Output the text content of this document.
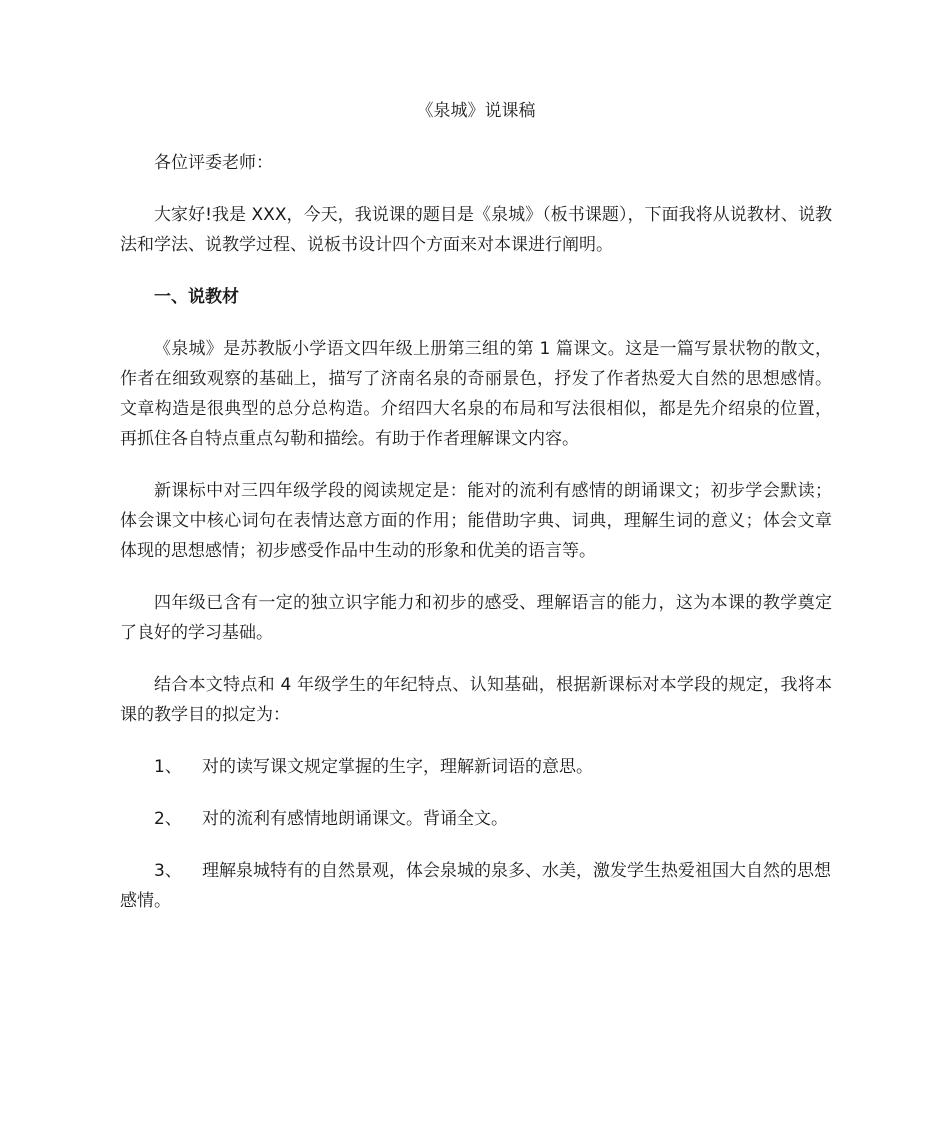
《泉城》说课稿

各位评委老师：

大家好!我是 XXX，今天，我说课的题目是《泉城》（板书课题），下面我将从说教材、说教法和学法、说教学过程、说板书设计四个方面来对本课进行阐明。

一、说教材

《泉城》是苏教版小学语文四年级上册第三组的第 1 篇课文。这是一篇写景状物的散文，作者在细致观察的基础上，描写了济南名泉的奇丽景色，抒发了作者热爱大自然的思想感情。文章构造是很典型的总分总构造。介绍四大名泉的布局和写法很相似，都是先介绍泉的位置，再抓住各自特点重点勾勒和描绘。有助于作者理解课文内容。

新课标中对三四年级学段的阅读规定是：能对的流利有感情的朗诵课文；初步学会默读；体会课文中核心词句在表情达意方面的作用；能借助字典、词典，理解生词的意义；体会文章体现的思想感情；初步感受作品中生动的形象和优美的语言等。

四年级已含有一定的独立识字能力和初步的感受、理解语言的能力，这为本课的教学奠定了良好的学习基础。

结合本文特点和 4 年级学生的年纪特点、认知基础，根据新课标对本学段的规定，我将本课的教学目的拟定为：

1、 对的读写课文规定掌握的生字，理解新词语的意思。

2、 对的流利有感情地朗诵课文。背诵全文。

3、 理解泉城特有的自然景观，体会泉城的泉多、水美，激发学生热爱祖国大自然的思想感情。
